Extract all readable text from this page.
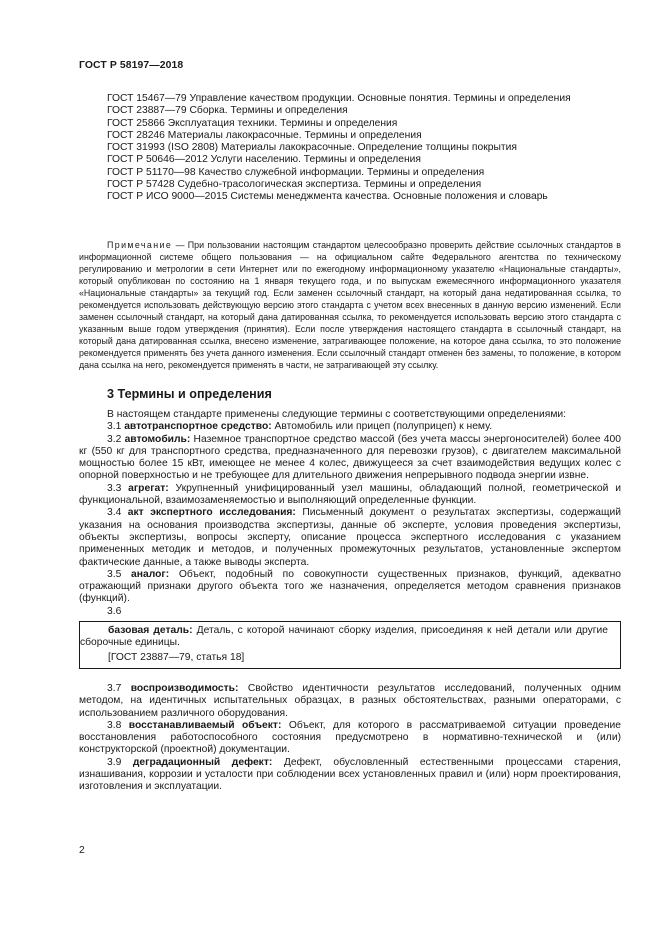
ГОСТ Р 58197—2018
ГОСТ 15467—79 Управление качеством продукции. Основные понятия. Термины и определения
ГОСТ 23887—79 Сборка. Термины и определения
ГОСТ 25866 Эксплуатация техники. Термины и определения
ГОСТ 28246 Материалы лакокрасочные. Термины и определения
ГОСТ 31993 (ISO 2808) Материалы лакокрасочные. Определение толщины покрытия
ГОСТ Р 50646—2012 Услуги населению. Термины и определения
ГОСТ Р 51170—98 Качество служебной информации. Термины и определения
ГОСТ Р 57428 Судебно-трасологическая экспертиза. Термины и определения
ГОСТ Р ИСО 9000—2015 Системы менеджмента качества. Основные положения и словарь
Примечание — При пользовании настоящим стандартом целесообразно проверить действие ссылочных стандартов в информационной системе общего пользования — на официальном сайте Федерального агентства по техническому регулированию и метрологии в сети Интернет или по ежегодному информационному указателю «Национальные стандарты», который опубликован по состоянию на 1 января текущего года, и по выпускам ежемесячного информационного указателя «Национальные стандарты» за текущий год. Если заменен ссылочный стандарт, на который дана недатированная ссылка, то рекомендуется использовать действующую версию этого стандарта с учетом всех внесенных в данную версию изменений. Если заменен ссылочный стандарт, на который дана датированная ссылка, то рекомендуется использовать версию этого стандарта с указанным выше годом утверждения (принятия). Если после утверждения настоящего стандарта в ссылочный стандарт, на который дана датированная ссылка, внесено изменение, затрагивающее положение, на которое дана ссылка, то это положение рекомендуется применять без учета данного изменения. Если ссылочный стандарт отменен без замены, то положение, в котором дана ссылка на него, рекомендуется применять в части, не затрагивающей эту ссылку.
3 Термины и определения

В настоящем стандарте применены следующие термины с соответствующими определениями:

3.1 автотранспортное средство: Автомобиль или прицеп (полуприцеп) к нему.

3.2 автомобиль: Наземное транспортное средство массой (без учета массы энергоносителей) более 400 кг (550 кг для транспортного средства, предназначенного для перевозки грузов), с двигателем максимальной мощностью более 15 кВт, имеющее не менее 4 колес, движущееся за счет взаимодействия ведущих колес с опорной поверхностью и не требующее для длительного движения непрерывного подвода энергии извне.

3.3 агрегат: Укрупненный унифицированный узел машины, обладающий полной, геометрической и функциональной, взаимозаменяемостью и выполняющий определенные функции.

3.4 акт экспертного исследования: Письменный документ о результатах экспертизы, содержащий указания на основания производства экспертизы, данные об эксперте, условия проведения экспертизы, объекты экспертизы, вопросы эксперту, описание процесса экспертного исследования с указанием примененных методик и методов, и полученных промежуточных результатов, установленные экспертом фактические данные, а также выводы эксперта.

3.5 аналог: Объект, подобный по совокупности существенных признаков, функций, адекватно отражающий признаки другого объекта того же назначения, определяется методом сравнения признаков (функций).

3.6

базовая деталь: Деталь, с которой начинают сборку изделия, присоединяя к ней детали или другие сборочные единицы.

[ГОСТ 23887—79, статья 18]

3.7 воспроизводимость: Свойство идентичности результатов исследований, полученных одним методом, на идентичных испытательных образцах, в разных обстоятельствах, разными операторами, с использованием различного оборудования.

3.8 восстанавливаемый объект: Объект, для которого в рассматриваемой ситуации проведение восстановления работоспособного состояния предусмотрено в нормативно-технической и (или) конструкторской (проектной) документации.

3.9 деградационный дефект: Дефект, обусловленный естественными процессами старения, изнашивания, коррозии и усталости при соблюдении всех установленных правил и (или) норм проектирования, изготовления и эксплуатации.

2
